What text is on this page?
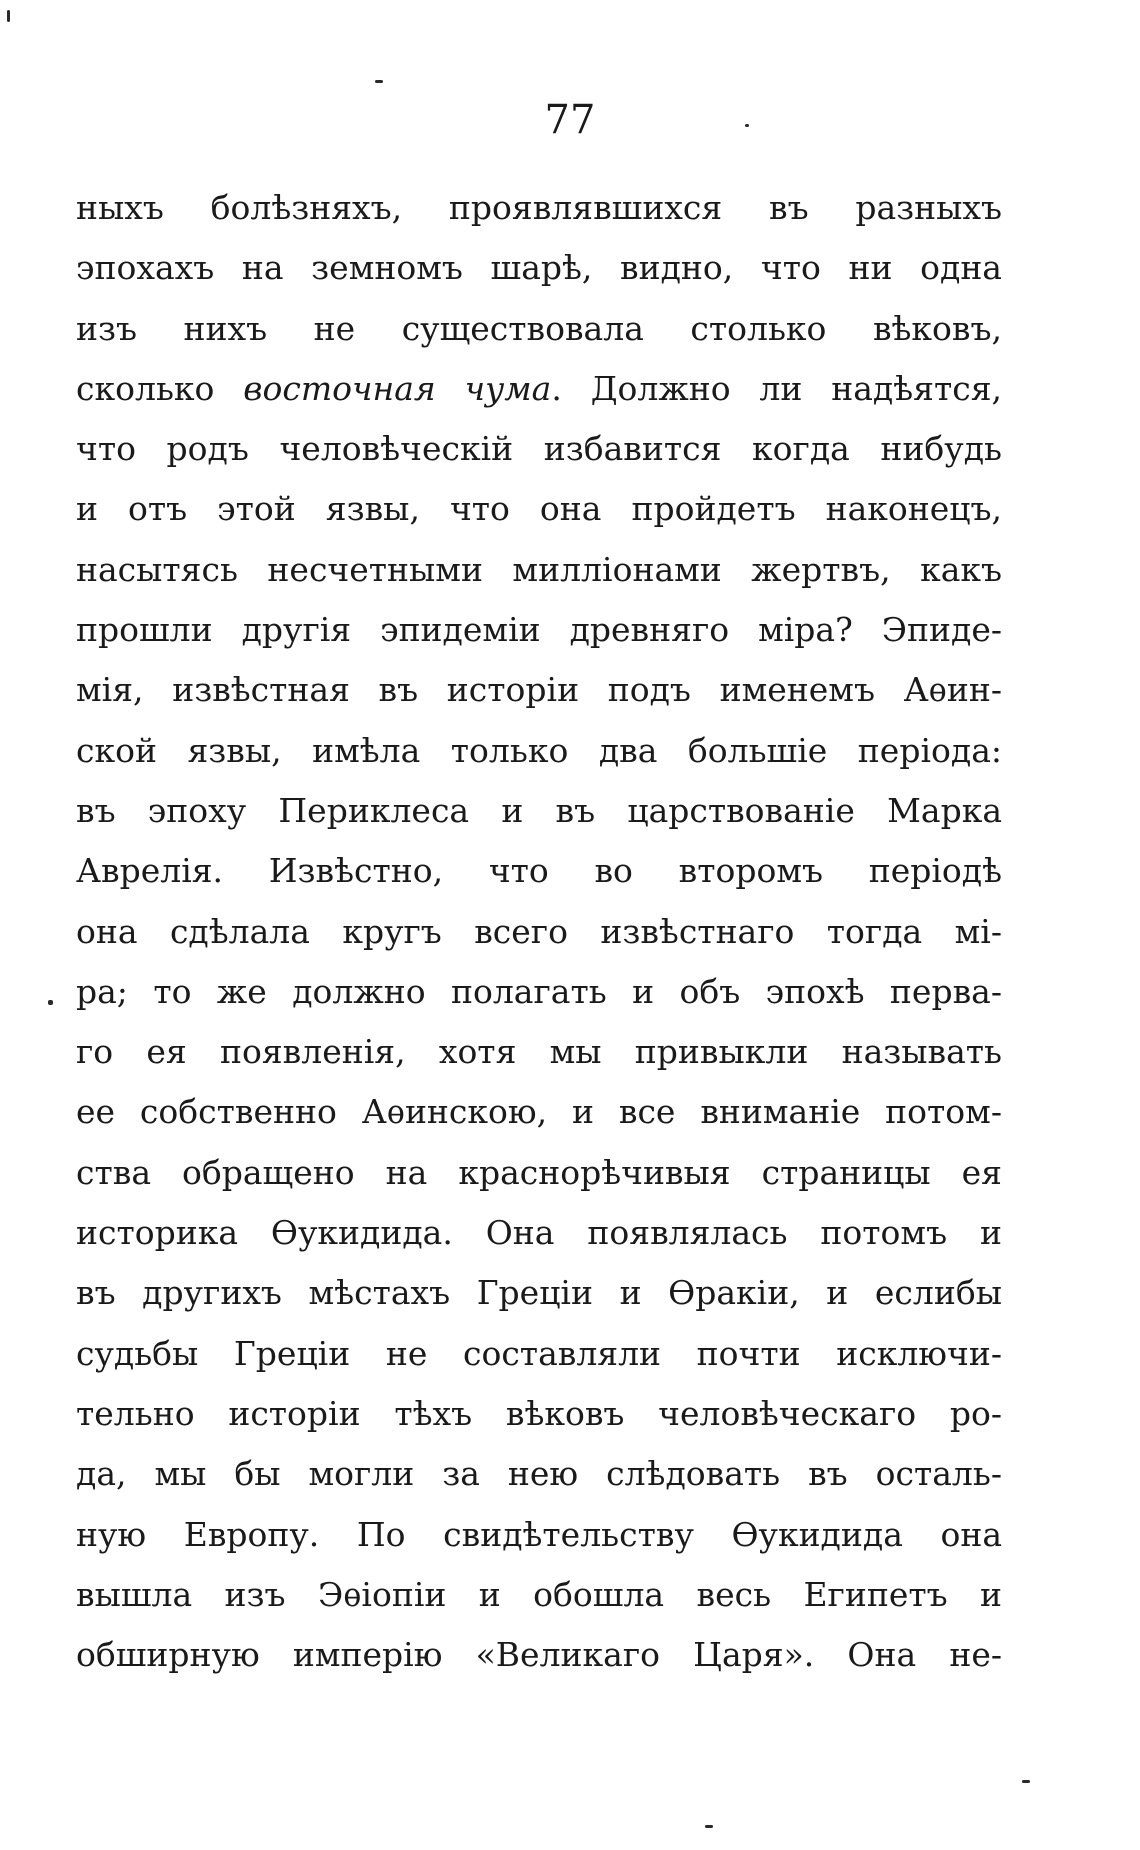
77
ныхъ болѣзняхъ, проявлявшихся въ разныхъ
эпохахъ на земномъ шарѣ, видно, что ни одна
изъ нихъ не существовала столько вѣковъ,
сколько восточная чума. Должно ли надѣятся,
что родъ человѣческій избавится когда нибудь
и отъ этой язвы, что она пройдетъ наконецъ,
насытясь несчетными милліонами жертвъ, какъ
прошли другія эпидеміи древняго міра? Эпиде-
мія, извѣстная въ исторіи подъ именемъ Аѳин-
ской язвы, имѣла только два большіе періода:
въ эпоху Периклеса и въ царствованіе Марка
Аврелія. Извѣстно, что во второмъ періодѣ
она сдѣлала кругъ всего извѣстнаго тогда мі-
ра; то же должно полагать и объ эпохѣ перва-
го ея появленія, хотя мы привыкли называть
ее собственно Аѳинскою, и все вниманіе потом-
ства обращено на краснорѣчивыя страницы ея
историка Ѳукидида. Она появлялась потомъ и
въ другихъ мѣстахъ Греціи и Ѳракіи, и еслибы
судьбы Греціи не составляли почти исключи-
тельно исторіи тѣхъ вѣковъ человѣческаго ро-
да, мы бы могли за нею слѣдовать въ осталь-
ную Европу. По свидѣтельству Ѳукидида она
вышла изъ Эѳіопіи и обошла весь Египетъ и
обширную имперію «Великаго Царя». Она не-
